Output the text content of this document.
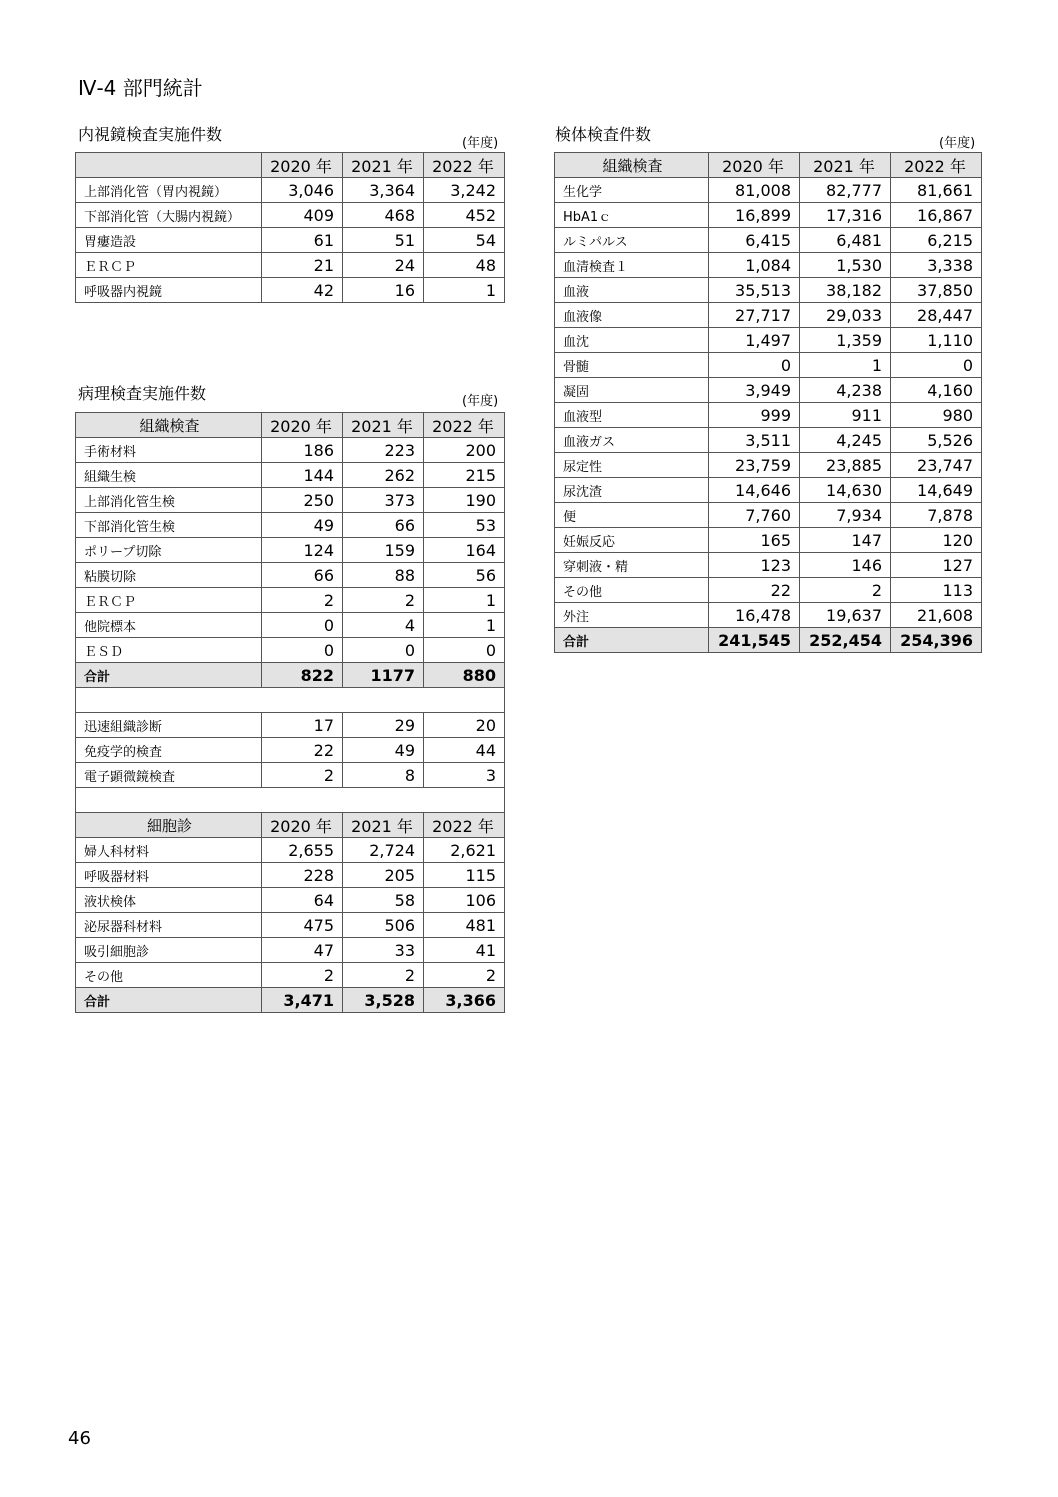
Ⅳ-4 部門統計
内視鏡検査実施件数	(年度)
	2020 年	2021 年	2022 年
上部消化管（胃内視鏡）	3,046	3,364	3,242
下部消化管（大腸内視鏡）	409	468	452
胃瘻造設	61	51	54
ＥＲＣＰ	21	24	48
呼吸器内視鏡	42	16	1
病理検査実施件数	(年度)
組織検査	2020 年	2021 年	2022 年
手術材料	186	223	200
組織生検	144	262	215
上部消化管生検	250	373	190
下部消化管生検	49	66	53
ポリープ切除	124	159	164
粘膜切除	66	88	56
ＥＲＣＰ	2	2	1
他院標本	0	4	1
ＥＳＤ	0	0	0
合計	822	1177	880

迅速組織診断	17	29	20
免疫学的検査	22	49	44
電子顕微鏡検査	2	8	3

細胞診	2020 年	2021 年	2022 年
婦人科材料	2,655	2,724	2,621
呼吸器材料	228	205	115
液状検体	64	58	106
泌尿器科材料	475	506	481
吸引細胞診	47	33	41
その他	2	2	2
合計	3,471	3,528	3,366
検体検査件数	(年度)
組織検査	2020 年	2021 年	2022 年
生化学	81,008	82,777	81,661
HbA1ｃ	16,899	17,316	16,867
ルミパルス	6,415	6,481	6,215
血清検査１	1,084	1,530	3,338
血液	35,513	38,182	37,850
血液像	27,717	29,033	28,447
血沈	1,497	1,359	1,110
骨髄	0	1	0
凝固	3,949	4,238	4,160
血液型	999	911	980
血液ガス	3,511	4,245	5,526
尿定性	23,759	23,885	23,747
尿沈渣	14,646	14,630	14,649
便	7,760	7,934	7,878
妊娠反応	165	147	120
穿刺液・精	123	146	127
その他	22	2	113
外注	16,478	19,637	21,608
合計	241,545	252,454	254,396
46
